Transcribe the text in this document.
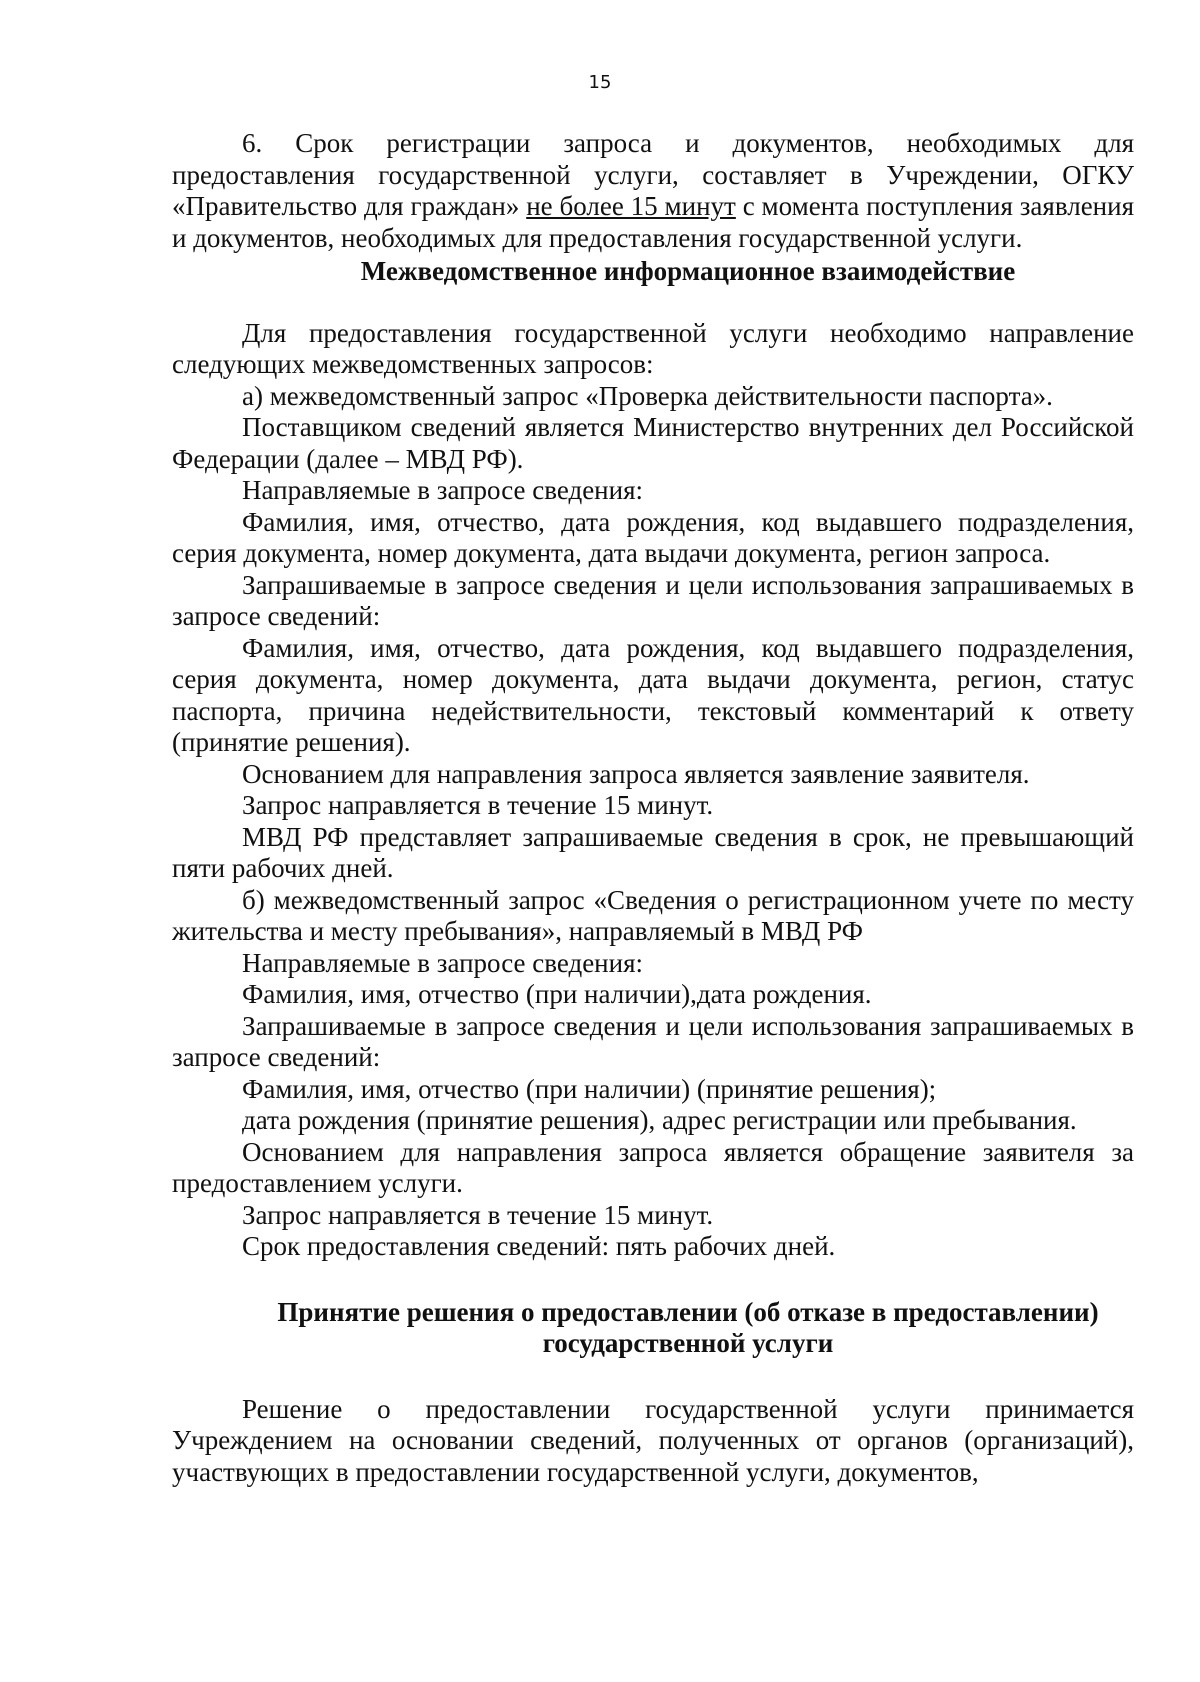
15

6. Срок регистрации запроса и документов, необходимых для предоставления государственной услуги, составляет в Учреждении, ОГКУ «Правительство для граждан» не более 15 минут с момента поступления заявления и документов, необходимых для предоставления государственной услуги.

Межведомственное информационное взаимодействие

Для предоставления государственной услуги необходимо направление следующих межведомственных запросов:

а) межведомственный запрос «Проверка действительности паспорта».

Поставщиком сведений является Министерство внутренних дел Российской Федерации (далее – МВД РФ).

Направляемые в запросе сведения:

Фамилия, имя, отчество, дата рождения, код выдавшего подразделения, серия документа, номер документа, дата выдачи документа, регион запроса.

Запрашиваемые в запросе сведения и цели использования запрашиваемых в запросе сведений:

Фамилия, имя, отчество, дата рождения, код выдавшего подразделения, серия документа, номер документа, дата выдачи документа, регион, статус паспорта, причина недействительности, текстовый комментарий к ответу (принятие решения).

Основанием для направления запроса является заявление заявителя.

Запрос направляется в течение 15 минут.

МВД РФ представляет запрашиваемые сведения в срок, не превышающий пяти рабочих дней.

б) межведомственный запрос «Сведения о регистрационном учете по месту жительства и месту пребывания», направляемый в МВД РФ

Направляемые в запросе сведения:

Фамилия, имя, отчество (при наличии),дата рождения.

Запрашиваемые в запросе сведения и цели использования запрашиваемых в запросе сведений:

Фамилия, имя, отчество (при наличии) (принятие решения);

дата рождения (принятие решения), адрес регистрации или пребывания.

Основанием для направления запроса является обращение заявителя за предоставлением услуги.

Запрос направляется в течение 15 минут.

Срок предоставления сведений: пять рабочих дней.

Принятие решения о предоставлении (об отказе в предоставлении) государственной услуги

Решение о предоставлении государственной услуги принимается Учреждением на основании сведений, полученных от органов (организаций), участвующих в предоставлении государственной услуги, документов,
